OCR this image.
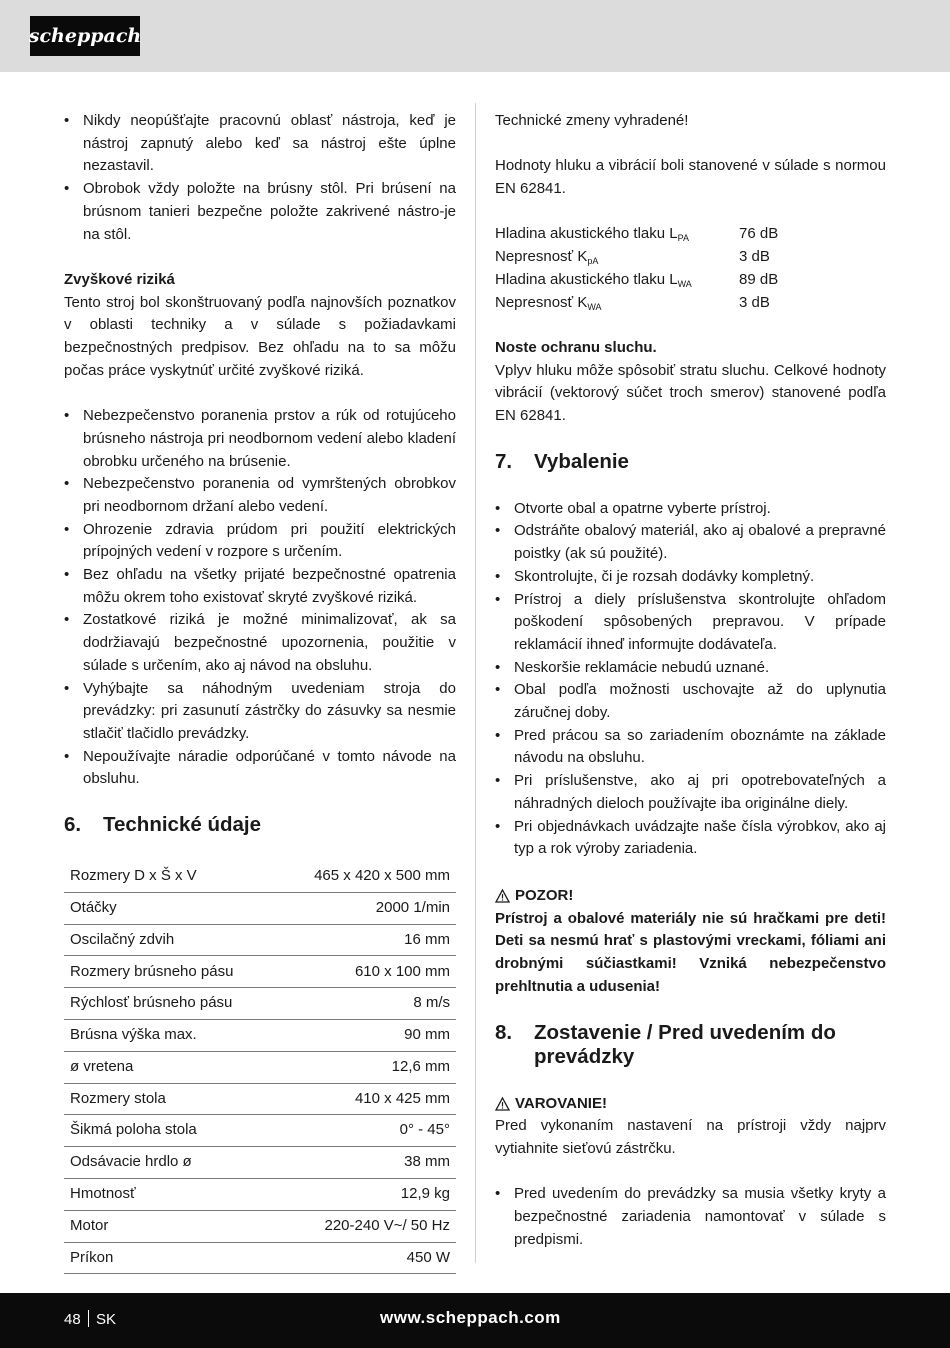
scheppach
• Nikdy neopúšťajte pracovnú oblasť nástroja, keď je nástroj zapnutý alebo keď sa nástroj ešte úplne nezastavil.
• Obrobok vždy položte na brúsny stôl. Pri brúsení na brúsnom tanieri bezpečne položte zakrivené nástro-je na stôl.

Zvyškové riziká

Tento stroj bol skonštruovaný podľa najnovších poznatkov v oblasti techniky a v súlade s požiadavkami bezpečnostných predpisov. Bez ohľadu na to sa môžu počas práce vyskytnúť určité zvyškové riziká.

• Nebezpečenstvo poranenia prstov a rúk od rotujúceho brúsneho nástroja pri neodbornom vedení alebo kladení obrobku určeného na brúsenie.
• Nebezpečenstvo poranenia od vymrštených obrobkov pri neodbornom držaní alebo vedení.
• Ohrozenie zdravia prúdom pri použití elektrických prípojných vedení v rozpore s určením.
• Bez ohľadu na všetky prijaté bezpečnostné opatrenia môžu okrem toho existovať skryté zvyškové riziká.
• Zostatkové riziká je možné minimalizovať, ak sa dodržiavajú bezpečnostné upozornenia, použitie v súlade s určením, ako aj návod na obsluhu.
• Vyhýbajte sa náhodným uvedeniam stroja do prevádzky: pri zasunutí zástrčky do zásuvky sa nesmie stlačiť tlačidlo prevádzky.
• Nepoužívajte náradie odporúčané v tomto návode na obsluhu.
6.	Technické údaje
Rozmery D x Š x V	465 x 420 x 500 mm
Otáčky	2000 1/min
Oscilačný zdvih	16 mm
Rozmery brúsneho pásu	610 x 100 mm
Rýchlosť brúsneho pásu	8 m/s
Brúsna výška max.	90 mm
ø vretena	12,6 mm
Rozmery stola	410 x 425 mm
Šikmá poloha stola	0° - 45°
Odsávacie hrdlo ø	38 mm
Hmotnosť	12,9 kg
Motor	220-240 V~/ 50 Hz
Príkon	450 W

Technické zmeny vyhradené!

Hodnoty hluku a vibrácií boli stanovené v súlade s normou EN 62841.

Hladina akustického tlaku $L_{PA}$	76 dB
Nepresnosť $K_{pA}$	3 dB
Hladina akustického tlaku $L_{WA}$	89 dB
Nepresnosť $K_{WA}$	3 dB

Noste ochranu sluchu.

Vplyv hluku môže spôsobiť stratu sluchu. Celkové hodnoty vibrácií (vektorový súčet troch smerov) stanovené podľa EN 62841.

7.	Vybalenie
• Otvorte obal a opatrne vyberte prístroj.
• Odstráňte obalový materiál, ako aj obalové a prepravné poistky (ak sú použité).
• Skontrolujte, či je rozsah dodávky kompletný.
• Prístroj a diely príslušenstva skontrolujte ohľadom poškodení spôsobených prepravou. V prípade reklamácií ihneď informujte dodávateľa.
• Neskoršie reklamácie nebudú uznané.
• Obal podľa možnosti uschovajte až do uplynutia záručnej doby.
• Pred prácou sa so zariadením oboznámte na základe návodu na obsluhu.
• Pri príslušenstve, ako aj pri opotrebovateľných a náhradných dieloch používajte iba originálne diely.
• Pri objednávkach uvádzajte naše čísla výrobkov, ako aj typ a rok výroby zariadenia.
POZOR!

Prístroj a obalové materiály nie sú hračkami pre deti! Deti sa nesmú hrať s plastovými vreckami, fóliami ani drobnými súčiastkami! Vzniká nebezpečenstvo prehltnutia a udusenia!

8.	Zostavenie / Pred uvedením do prevádzky
VAROVANIE!

Pred vykonaním nastavení na prístroji vždy najprv vytiahnite sieťovú zástrčku.

• Pred uvedením do prevádzky sa musia všetky kryty a bezpečnostné zariadenia namontovať v súlade s predpismi.
48 SK	www.scheppach.com
